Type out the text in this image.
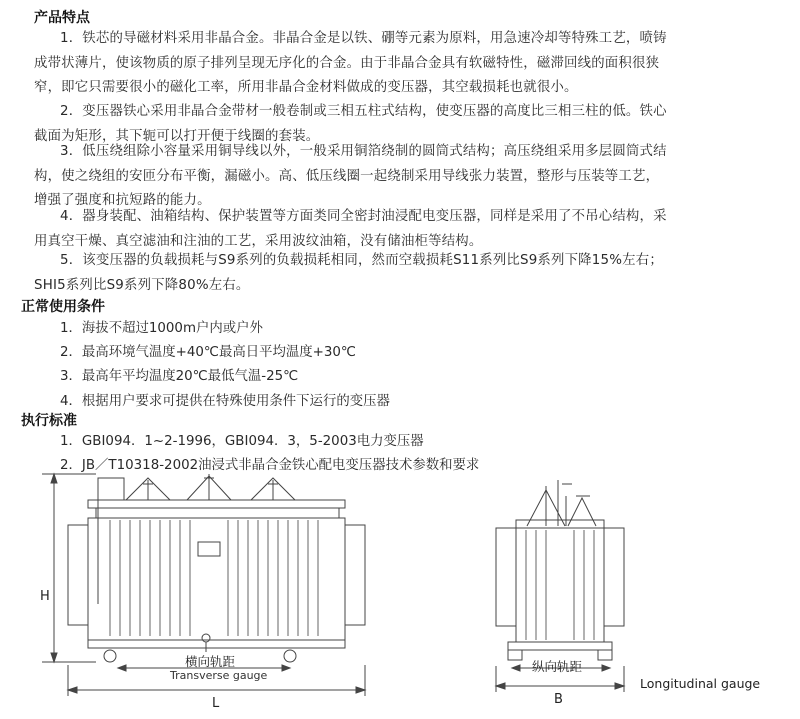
产品特点
1．铁芯的导磁材料采用非晶合金。非晶合金是以铁、硼等元素为原料，用急速冷却等特殊工艺，喷铸
成带状薄片，使该物质的原子排列呈现无序化的合金。由于非晶合金具有软磁特性，磁滞回线的面积很狭
窄，即它只需要很小的磁化工率，所用非晶合金材料做成的变压器，其空载损耗也就很小。
2．变压器铁心采用非晶合金带材一般卷制或三相五柱式结构，使变压器的高度比三相三柱的低。铁心
截面为矩形，其下轭可以打开便于线圈的套装。
3．低压绕组除小容量采用铜导线以外，一般采用铜箔绕制的圆筒式结构；高压绕组采用多层圆筒式结
构，使之绕组的安匝分布平衡，漏磁小。高、低压线圈一起绕制采用导线张力装置，整形与压装等工艺，
增强了强度和抗短路的能力。
4．器身装配、油箱结构、保护装置等方面类同全密封油浸配电变压器，同样是采用了不吊心结构，采
用真空干燥、真空滤油和注油的工艺，采用波纹油箱，没有储油柜等结构。
5．该变压器的负载损耗与S9系列的负载损耗相同，然而空载损耗S11系列比S9系列下降15%左右；
SHI5系列比S9系列下降80%左右。
正常使用条件
1．海拔不超过1000m户内或户外
2．最高环境气温度+40℃最高日平均温度+30℃
3．最高年平均温度20℃最低气温-25℃
4．根据用户要求可提供在特殊使用条件下运行的变压器
执行标准
1．GBI094．1~2-1996，GBI094．3，5-2003电力变压器
2．JB／T10318-2002油浸式非晶合金铁心配电变压器技术参数和要求
H
L
横向轨距
Transverse gauge
纵向轨距
B
Longitudinal gauge
